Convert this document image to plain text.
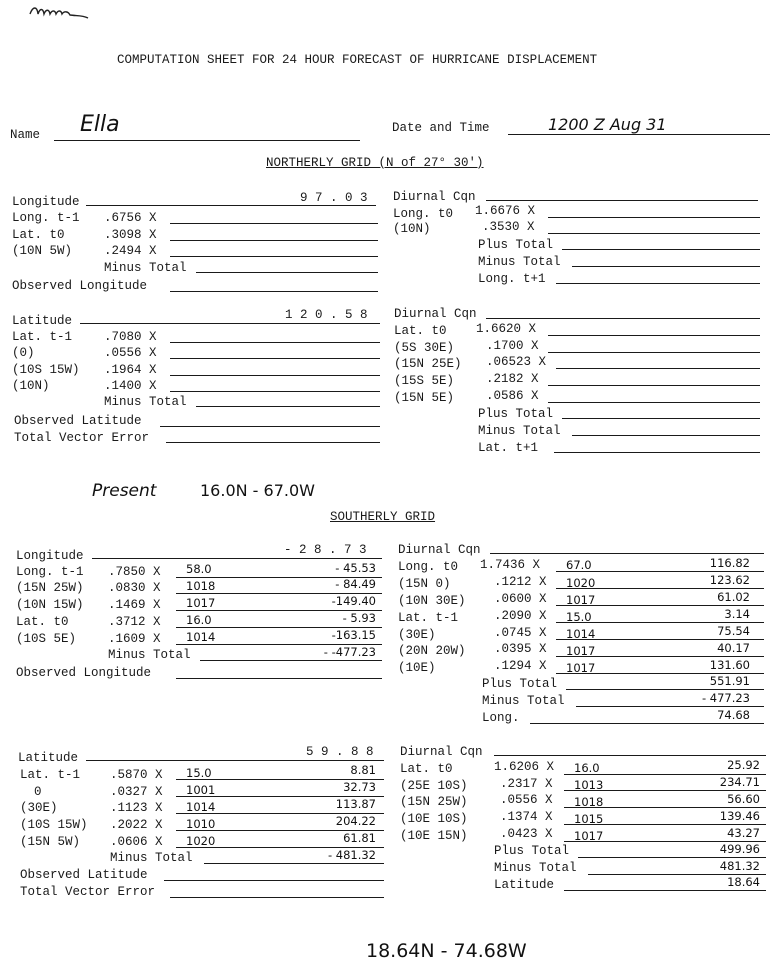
COMPUTATION SHEET FOR 24 HOUR FORECAST OF HURRICANE DISPLACEMENT
Name Ella	Date and Time	1200 Z Aug 31
NORTHERLY GRID (N of 27° 30')
Longitude	9 7 . 0 3
Long. t-1 .6756 X
Lat. t0	.3098 X
(10N 5W)	.2494 X
Minus Total
Observed Longitude
Diurnal Cqn
Long. t0 1.6676 X
(10N)	.3530 X
Plus Total
Minus Total
Long. t+1
Latitude	1 2 0 . 5 8
Lat. t-1	.7080 X
(0)	.0556 X
(10S 15W) .1964 X
(10N)	.1400 X
Minus Total
Observed Latitude
Total Vector Error
Diurnal Cqn
Lat. t0 1.6620 X
(5S 30E)	.1700 X
(15N 25E) .06523 X
(15S 5E)	.2182 X
(15N 5E)	.0586 X
Plus Total
Minus Total
Lat. t+1
Present	16.0N - 67.0W
SOUTHERLY GRID
Longitude	- 2 8 . 7 3
Long. t-1 .7850 X 58.0	- 45.53
(15N 25W) .0830 X 1018	- 84.49
(10N 15W) .1469 X 1017	-149.40
Lat. t0	.3712 X 16.0	- 5.93
(10S 5E)	.1609 X 1014	-163.15
Minus Total	- -477.23
Observed Longitude
Diurnal Cqn
Long. t0 1.7436 X 67.0	116.82
(15N 0)	.1212 X 1020	123.62
(10N 30E) .0600 X 1017	61.02
Lat. t-1	.2090 X 15.0	3.14
(30E)	.0745 X 1014	75.54
(20N 20W) .0395 X 1017	40.17
(10E)	.1294 X 1017	131.60
Plus Total	551.91
Minus Total	- 477.23
Long.	74.68
Latitude	5 9 . 8 8
Lat. t-1 .5870 X 15.0	8.81
0	.0327 X 1001	32.73
(30E)	.1123 X 1014	113.87
(10S 15W) .2022 X 1010	204.22
(15N 5W) .0606 X 1020	61.81
Minus Total	- 481.32
Observed Latitude
Total Vector Error
Diurnal Cqn
Lat. t0	1.6206 X 16.0	25.92
(25E 10S)	.2317 X 1013	234.71
(15N 25W)	.0556 X 1018	56.60
(10E 10S)	.1374 X 1015	139.46
(10E 15N)	.0423 X 1017	43.27
Plus Total	499.96
Minus Total	481.32
Latitude	18.64
18.64N - 74.68W
